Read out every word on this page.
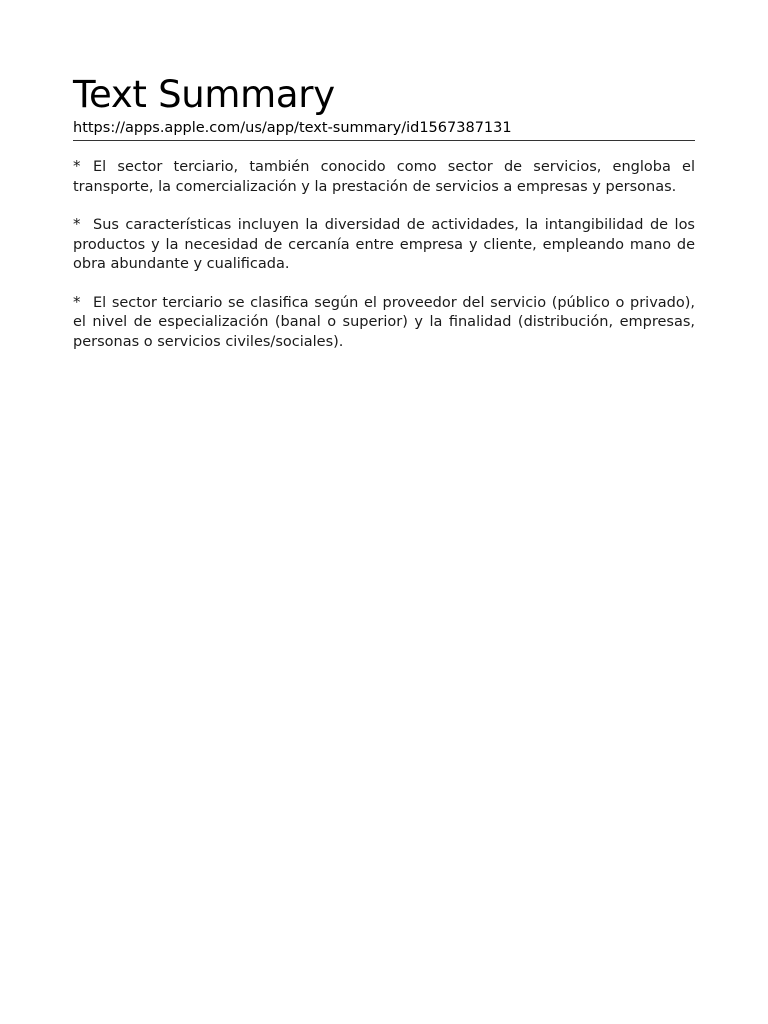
Text Summary
https://apps.apple.com/us/app/text-summary/id1567387131

* El sector terciario, también conocido como sector de servicios, engloba el transporte, la comercialización y la prestación de servicios a empresas y personas.

* Sus características incluyen la diversidad de actividades, la intangibilidad de los productos y la necesidad de cercanía entre empresa y cliente, empleando mano de obra abundante y cualificada.

* El sector terciario se clasifica según el proveedor del servicio (público o privado), el nivel de especialización (banal o superior) y la finalidad (distribución, empresas, personas o servicios civiles/sociales).
